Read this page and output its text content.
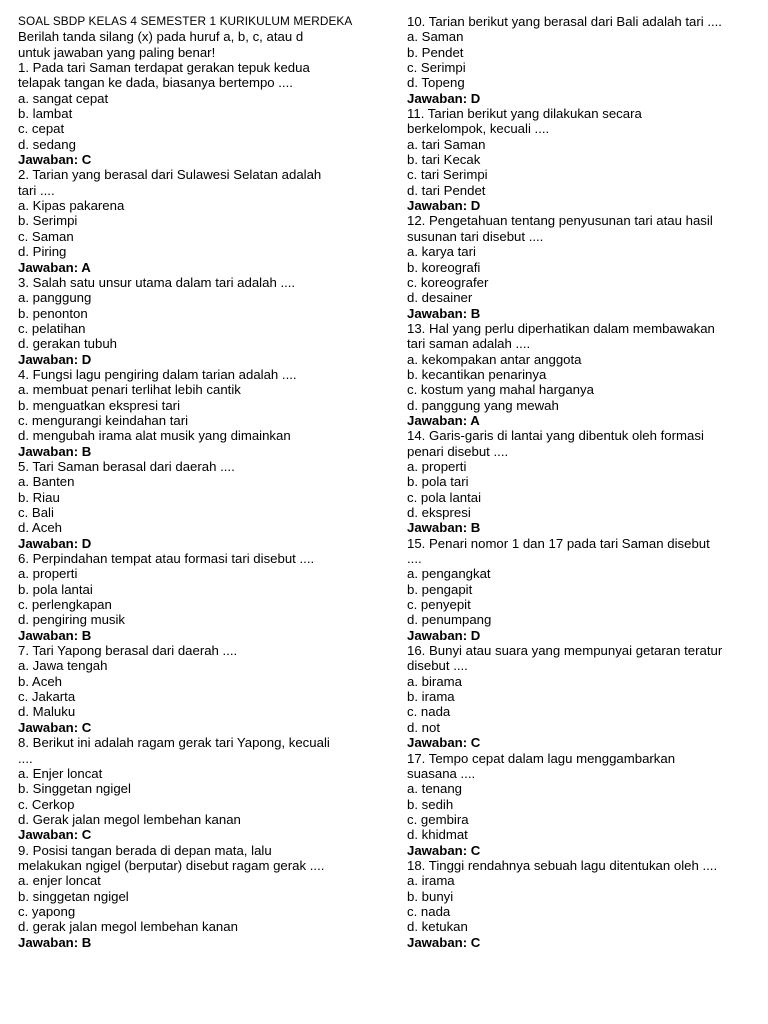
SOAL SBDP KELAS 4 SEMESTER 1 KURIKULUM MERDEKA
Berilah tanda silang (x) pada huruf a, b, c, atau d
untuk jawaban yang paling benar!
1. Pada tari Saman terdapat gerakan tepuk kedua
telapak tangan ke dada, biasanya bertempo ....
a. sangat cepat
b. lambat
c. cepat
d. sedang
Jawaban: C
2. Tarian yang berasal dari Sulawesi Selatan adalah
tari ....
a. Kipas pakarena
b. Serimpi
c. Saman
d. Piring
Jawaban: A
3. Salah satu unsur utama dalam tari adalah ....
a. panggung
b. penonton
c. pelatihan
d. gerakan tubuh
Jawaban: D
4. Fungsi lagu pengiring dalam tarian adalah ....
a. membuat penari terlihat lebih cantik
b. menguatkan ekspresi tari
c. mengurangi keindahan tari
d. mengubah irama alat musik yang dimainkan
Jawaban: B
5. Tari Saman berasal dari daerah ....
a. Banten
b. Riau
c. Bali
d. Aceh
Jawaban: D
6. Perpindahan tempat atau formasi tari disebut ....
a. properti
b. pola lantai
c. perlengkapan
d. pengiring musik
Jawaban: B
7. Tari Yapong berasal dari daerah ....
a. Jawa tengah
b. Aceh
c. Jakarta
d. Maluku
Jawaban: C
8. Berikut ini adalah ragam gerak tari Yapong, kecuali
....
a. Enjer loncat
b. Singgetan ngigel
c. Cerkop
d. Gerak jalan megol lembehan kanan
Jawaban: C
9. Posisi tangan berada di depan mata, lalu
melakukan ngigel (berputar) disebut ragam gerak ....
a. enjer loncat
b. singgetan ngigel
c. yapong
d. gerak jalan megol lembehan kanan
Jawaban: B
10. Tarian berikut yang berasal dari Bali adalah tari ....
a. Saman
b. Pendet
c. Serimpi
d. Topeng
Jawaban: D
11. Tarian berikut yang dilakukan secara
berkelompok, kecuali ....
a. tari Saman
b. tari Kecak
c. tari Serimpi
d. tari Pendet
Jawaban: D
12. Pengetahuan tentang penyusunan tari atau hasil
susunan tari disebut ....
a. karya tari
b. koreografi
c. koreografer
d. desainer
Jawaban: B
13. Hal yang perlu diperhatikan dalam membawakan
tari saman adalah ....
a. kekompakan antar anggota
b. kecantikan penarinya
c. kostum yang mahal harganya
d. panggung yang mewah
Jawaban: A
14. Garis-garis di lantai yang dibentuk oleh formasi
penari disebut ....
a. properti
b. pola tari
c. pola lantai
d. ekspresi
Jawaban: B
15. Penari nomor 1 dan 17 pada tari Saman disebut
....
a. pengangkat
b. pengapit
c. penyepit
d. penumpang
Jawaban: D
16. Bunyi atau suara yang mempunyai getaran teratur
disebut ....
a. birama
b. irama
c. nada
d. not
Jawaban: C
17. Tempo cepat dalam lagu menggambarkan
suasana ....
a. tenang
b. sedih
c. gembira
d. khidmat
Jawaban: C
18. Tinggi rendahnya sebuah lagu ditentukan oleh ....
a. irama
b. bunyi
c. nada
d. ketukan
Jawaban: C
